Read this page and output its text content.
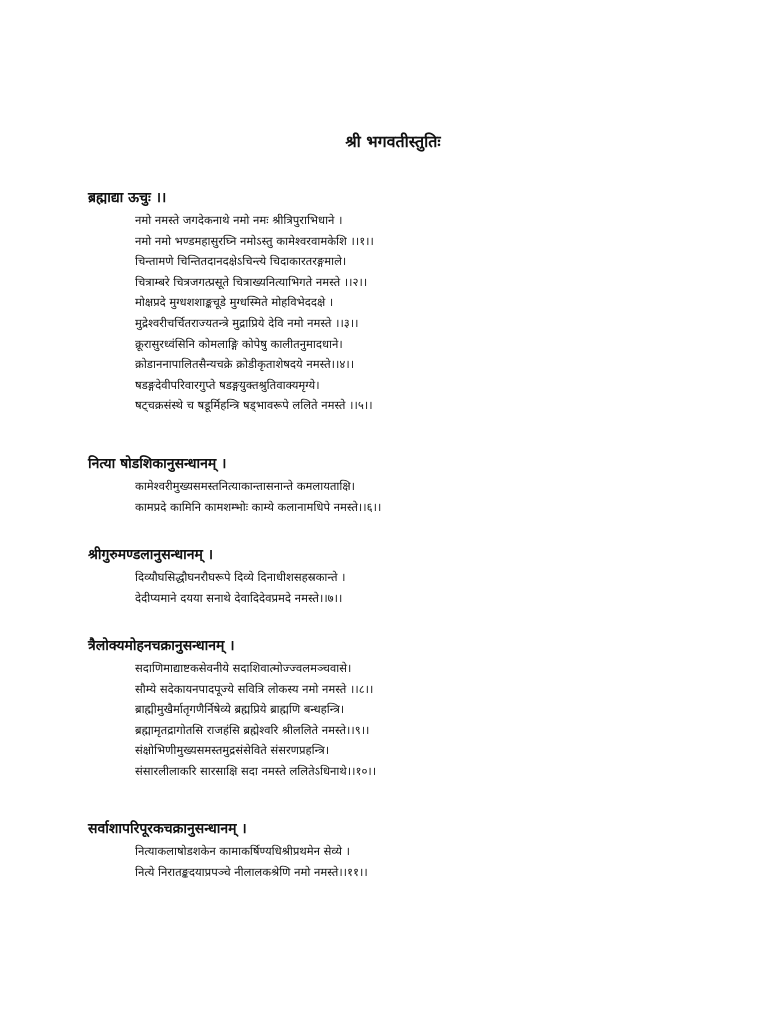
श्री भगवतीस्तुतिः
ब्रह्माद्या ऊचुः ।।
नमो नमस्ते जगदेकनाथे नमो नमः श्रीत्रिपुराभिधाने ।
नमो नमो भण्डमहासुरघ्नि नमोऽस्तु कामेश्वरवामकेशि ।।१।।
चिन्तामणे चिन्तितदानदक्षेऽचिन्त्ये चिदाकारतरङ्गमाले।
चित्राम्बरे चित्रजगत्प्रसूते चित्राख्यनित्याभिगते नमस्ते ।।२।।
मोक्षप्रदे मुग्धशशाङ्कचूडे मुग्धस्मिते मोहविभेददक्षे ।
मुद्रेश्वरीचर्चितराज्यतन्त्रे मुद्राप्रिये देवि नमो नमस्ते ।।३।।
क्रूरासुरध्वंसिनि कोमलाङ्गि कोपेषु कालीतनुमादधाने।
क्रोडाननापालितसैन्यचक्रे क्रोडीकृताशेषदये नमस्ते।।४।।
षडङ्गदेवीपरिवारगुप्ते षडङ्गयुक्तश्रुतिवाक्यमृग्ये।
षट्चक्रसंस्थे च षडूर्मिहन्त्रि षड्भावरूपे ललिते नमस्ते ।।५।।
नित्या षोडशिकानुसन्धानम् ।
कामेश्वरीमुख्यसमस्तनित्याकान्तासनान्ते कमलायताक्षि।
कामप्रदे कामिनि कामशम्भोः काम्ये कलानामधिपे नमस्ते।।६।।
श्रीगुरुमण्डलानुसन्धानम् ।
दिव्यौघसिद्धौघनरौघरूपे दिव्ये दिनाधीशसहस्रकान्ते ।
देदीप्यमाने दयया सनाथे देवादिदेवप्रमदे नमस्ते।।७।।
त्रैलोक्यमोहनचक्रानुसन्धानम् ।
सदाणिमाद्याष्टकसेवनीये सदाशिवात्मोज्ज्वलमञ्चवासे।
सौम्ये सदेकायनपादपूज्ये सवित्रि लोकस्य नमो नमस्ते ।।८।।
ब्राह्मीमुखैर्मातृगणैर्निषेव्ये ब्रह्मप्रिये ब्राह्मणि बन्धहन्त्रि।
ब्रह्मामृतद्रागोतसि राजहंसि ब्रह्मेश्वरि श्रीललिते नमस्ते।।९।।
संक्षोभिणीमुख्यसमस्तमुद्रसंसेविते संसरणप्रहन्त्रि।
संसारलीलाकरि सारसाक्षि सदा नमस्ते ललितेऽधिनाथे।।१०।।
सर्वाशापरिपूरकचक्रानुसन्धानम् ।
नित्याकलाषोडशकेन कामाकर्षिण्यधिश्रीप्रथमेन सेव्ये ।
नित्ये निरातङ्कदयाप्रपञ्चे नीलालकश्रेणि नमो नमस्ते।।११।।
